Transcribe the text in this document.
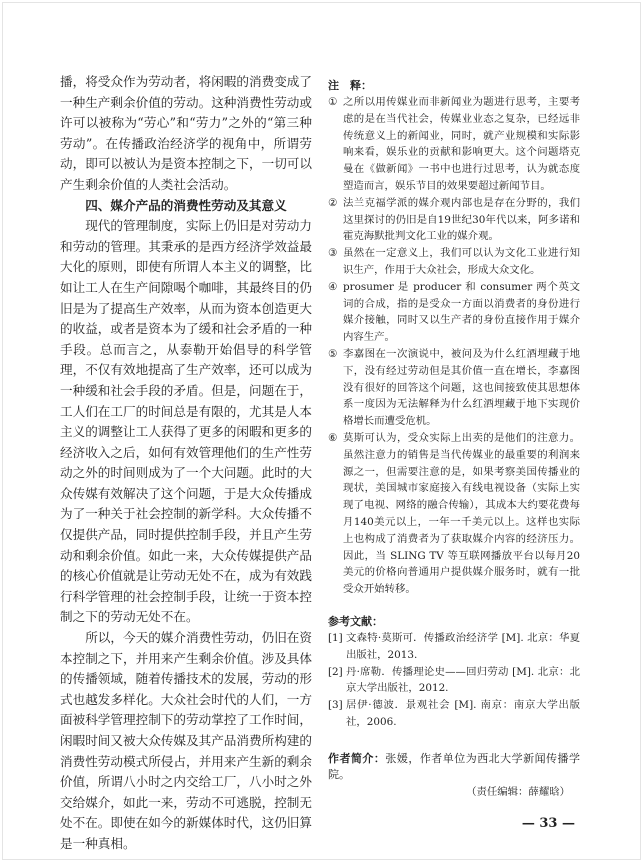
播，将受众作为劳动者，将闲暇的消费变成了一种生产剩余价值的劳动。这种消费性劳动或许可以被称为“劳心”和“劳力”之外的“第三种劳动”。在传播政治经济学的视角中，所谓劳动，即可以被认为是资本控制之下，一切可以产生剩余价值的人类社会活动。

四、媒介产品的消费性劳动及其意义

现代的管理制度，实际上仍旧是对劳动力和劳动的管理。其秉承的是西方经济学效益最大化的原则，即使有所谓人本主义的调整，比如让工人在生产间隙喝个咖啡，其最终目的仍旧是为了提高生产效率，从而为资本创造更大的收益，或者是资本为了缓和社会矛盾的一种手段。总而言之，从泰勒开始倡导的科学管理，不仅有效地提高了生产效率，还可以成为一种缓和社会手段的矛盾。但是，问题在于，工人们在工厂的时间总是有限的，尤其是人本主义的调整让工人获得了更多的闲暇和更多的经济收入之后，如何有效管理他们的生产性劳动之外的时间则成为了一个大问题。此时的大众传媒有效解决了这个问题，于是大众传播成为了一种关于社会控制的新学科。大众传播不仅提供产品，同时提供控制手段，并且产生劳动和剩余价值。如此一来，大众传媒提供产品的核心价值就是让劳动无处不在，成为有效践行科学管理的社会控制手段，让统一于资本控制之下的劳动无处不在。

所以，今天的媒介消费性劳动，仍旧在资本控制之下，并用来产生剩余价值。涉及具体的传播领域，随着传播技术的发展，劳动的形式也越发多样化。大众社会时代的人们，一方面被科学管理控制下的劳动掌控了工作时间，闲暇时间又被大众传媒及其产品消费所构建的消费性劳动模式所侵占，并用来产生新的剩余价值，所谓八小时之内交给工厂，八小时之外交给媒介，如此一来，劳动不可逃脱，控制无处不在。即使在如今的新媒体时代，这仍旧算是一种真相。

注　释：
① 之所以用传媒业而非新闻业为题进行思考，主要考虑的是在当代社会，传媒业业态之复杂，已经远非传统意义上的新闻业，同时，就产业规模和实际影响来看，娱乐业的贡献和影响更大。这个问题塔克曼在《做新闻》一书中也进行过思考，认为就态度塑造而言，娱乐节目的效果要超过新闻节目。
② 法兰克福学派的媒介观内部也是存在分野的，我们这里探讨的仍旧是自19世纪30年代以来，阿多诺和霍克海默批判文化工业的媒介观。
③ 虽然在一定意义上，我们可以认为文化工业进行知识生产，作用于大众社会，形成大众文化。
④ prosumer 是 producer 和 consumer 两个英文词的合成，指的是受众一方面以消费者的身份进行媒介接触，同时又以生产者的身份直接作用于媒介内容生产。
⑤ 李嘉图在一次演说中，被问及为什么红酒埋藏于地下，没有经过劳动但是其价值一直在增长，李嘉图没有很好的回答这个问题，这也间接致使其思想体系一度因为无法解释为什么红酒埋藏于地下实现价格增长而遭受危机。
⑥ 莫斯可认为，受众实际上出卖的是他们的注意力。虽然注意力的销售是当代传媒业的最重要的利润来源之一，但需要注意的是，如果考察美国传播业的现状，美国城市家庭接入有线电视设备（实际上实现了电视、网络的融合传输），其成本大约要花费每月140美元以上，一年一千美元以上。这样也实际上也构成了消费者为了获取媒介内容的经济压力。因此，当 SLING TV 等互联网播放平台以每月20美元的价格向普通用户提供媒介服务时，就有一批受众开始转移。
参考文献：
[1] 文森特·莫斯可．传播政治经济学 [M]. 北京：华夏出版社，2013.
[2] 丹·席勒．传播理论史——回归劳动 [M]. 北京：北京大学出版社，2012.
[3] 居伊·德波．景观社会 [M]. 南京：南京大学出版社，2006.
作者简介：张媛，作者单位为西北大学新闻传播学院。
（责任编辑：薛耀晗）
— 33 —
